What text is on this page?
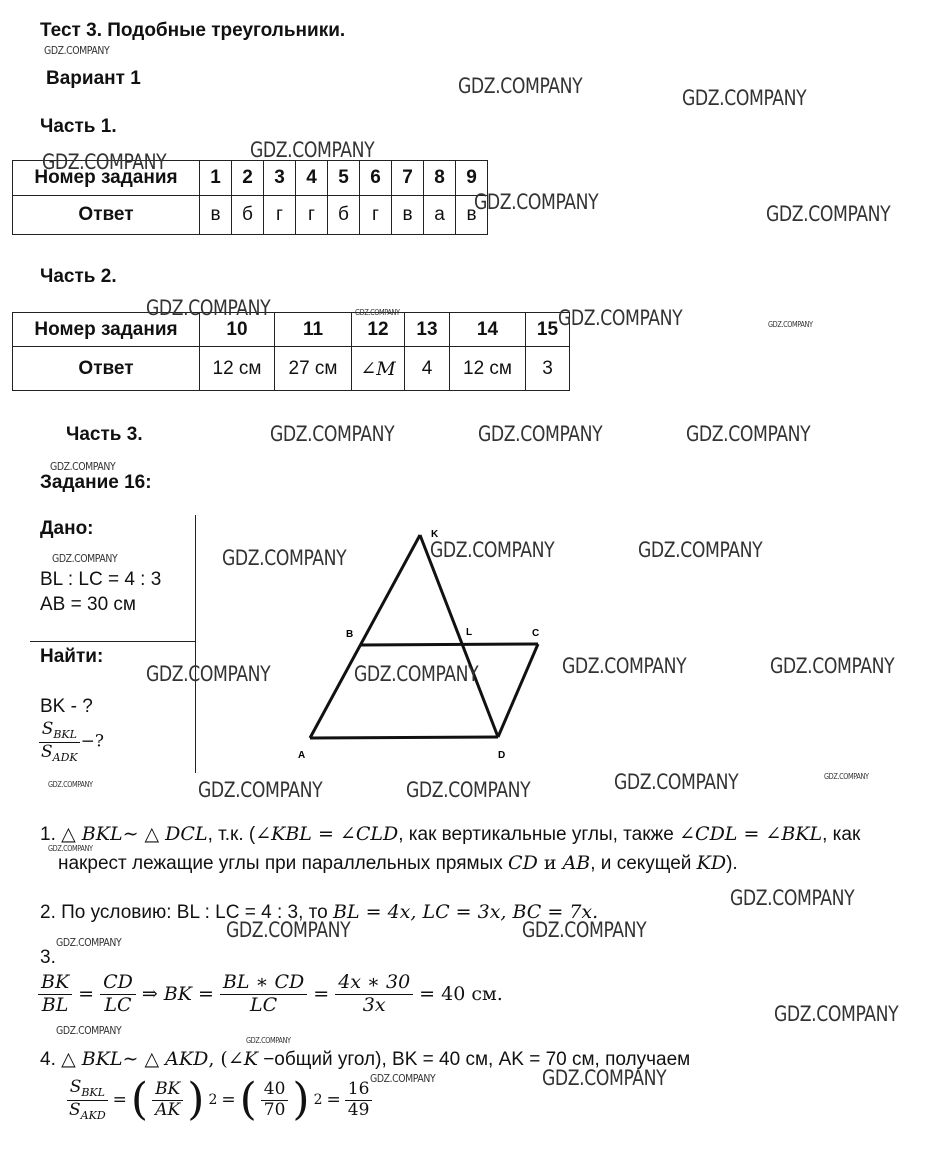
Тест 3. Подобные треугольники.
Вариант 1
Часть 1.
Номер задания	1	2	3	4	5	6	7	8	9
Ответ	в	б	г	г	б	г	в	а	в
Часть 2.
Номер задания	10	11	12	13	14	15
Ответ	12 см	27 см	∠M	4	12 см	3
Часть 3.
Задание 16:
Дано:
BL : LC = 4 : 3
AB = 30 см
Найти:
BK - ?
$\frac{S_{BKL}}{S_{ADK}}$ −?
K
B	L	C
A	D
1. △ BKL∼ △ DCL, т.к. (∠KBL = ∠CLD, как вертикальные углы, также ∠CDL = ∠BKL, как
накрест лежащие углы при параллельных прямых CD и AB, и секущей KD).
2. По условию: BL : LC = 4 : 3, то BL = 4x, LC = 3x, BC = 7x.
3.
$\frac{BK}{BL} = \frac{CD}{LC}$ ⇒ BK = $\frac{BL ∗ CD}{LC} = \frac{4x ∗ 30}{3x} = 40$ см.
4. △ BKL∼ △ AKD, (∠K −общий угол), BK = 40 см, AK = 70 см, получаем
$\frac{S_{BKL}}{S_{AKD}}$ = ( $\frac{BK}{AK}$ ) 2 = ( $\frac{40}{70}$ ) $2 = \frac{16}{49}$
GDZ.COMPANY
GDZ.COMPANY	GDZ.COMPANY
GDZ.COMPANY
GDZ.COMPANY
GDZ.COMPANY	GDZ.COMPANY
GDZ.COMPANY	GDZ.COMPANY	GDZ.COMPANY	GDZ.COMPANY
GDZ.COMPANY	GDZ.COMPANY	GDZ.COMPANY
GDZ.COMPANY
GDZ.COMPANY	GDZ.COMPANY	GDZ.COMPANY	GDZ.COMPANY
GDZ.COMPANY	GDZ.COMPANY	GDZ.COMPANY	GDZ.COMPANY
GDZ.COMPANY	GDZ.COMPANY	GDZ.COMPANY	GDZ.COMPANY	GDZ.COMPANY
GDZ.COMPANY
GDZ.COMPANY
GDZ.COMPANY	GDZ.COMPANY
GDZ.COMPANY
GDZ.COMPANY
GDZ.COMPANY
GDZ.COMPANY
GDZ.COMPANY
GDZ.COMPANY
